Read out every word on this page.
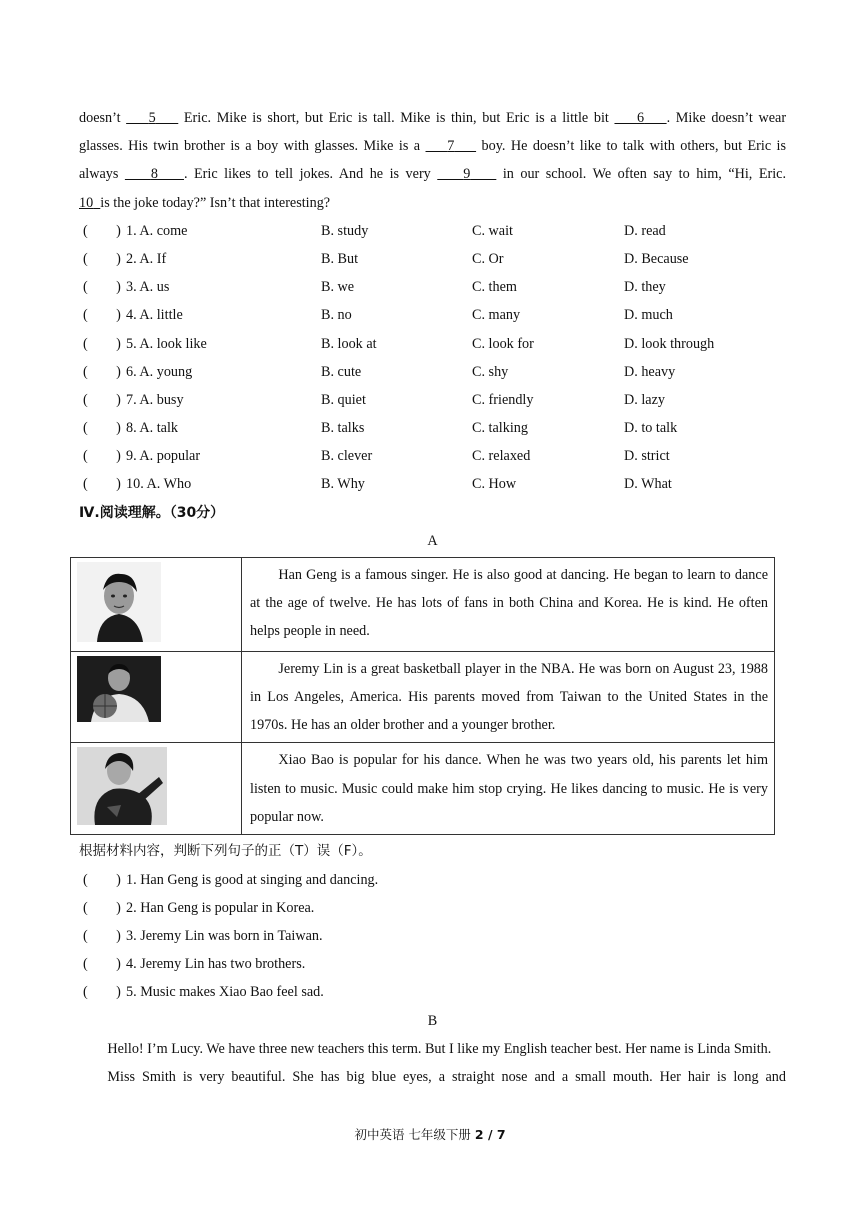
doesn’t     5     Eric. Mike is short, but Eric is tall. Mike is thin, but Eric is a little bit     6 . Mike doesn’t wear
glasses. His twin brother is a boy with glasses. Mike is a     7     boy. He doesn’t like to talk with others, but Eric is
always     8 . Eric likes to tell jokes. And he is very     9     in our school. We often say to him, “Hi, Eric.
10 is the joke today?” Isn’t that interesting?
(　　) 1. A. come	B. study	C. wait	D. read
(　　) 2. A. If	B. But	C. Or	D. Because
(　　) 3. A. us	B. we	C. them	D. they
(　　) 4. A. little	B. no	C. many	D. much
(　　) 5. A. look like	B. look at	C. look for	D. look through
(　　) 6. A. young	B. cute	C. shy	D. heavy
(　　) 7. A. busy	B. quiet	C. friendly	D. lazy
(　　) 8. A. talk	B. talks	C. talking	D. to talk
(　　) 9. A. popular	B. clever	C. relaxed	D. strict
(　　) 10. A. Who	B. Why	C. How	D. What
Ⅳ.阅读理解。（30分）
A
	Han Geng is a famous singer. He is also good at dancing. He began to learn to dance at the age of twelve. He has lots of fans in both China and Korea. He is kind. He often helps people in need.
	Jeremy Lin is a great basketball player in the NBA. He was born on August 23, 1988 in Los Angeles, America. His parents moved from Taiwan to the United States in the 1970s. He has an older brother and a younger brother.
	Xiao Bao is popular for his dance. When he was two years old, his parents let him listen to music. Music could make him stop crying. He likes dancing to music. He is very popular now.
根据材料内容，判断下列句子的正（T）误（F）。
(　　) 1. Han Geng is good at singing and dancing.
(　　) 2. Han Geng is popular in Korea.
(　　) 3. Jeremy Lin was born in Taiwan.
(　　) 4. Jeremy Lin has two brothers.
(　　) 5. Music makes Xiao Bao feel sad.
B
Hello! I’m Lucy. We have three new teachers this term. But I like my English teacher best. Her name is Linda Smith.
Miss Smith is very beautiful. She has big blue eyes, a straight nose and a small mouth. Her hair is long and
初中英语 七年级下册 2 / 7
